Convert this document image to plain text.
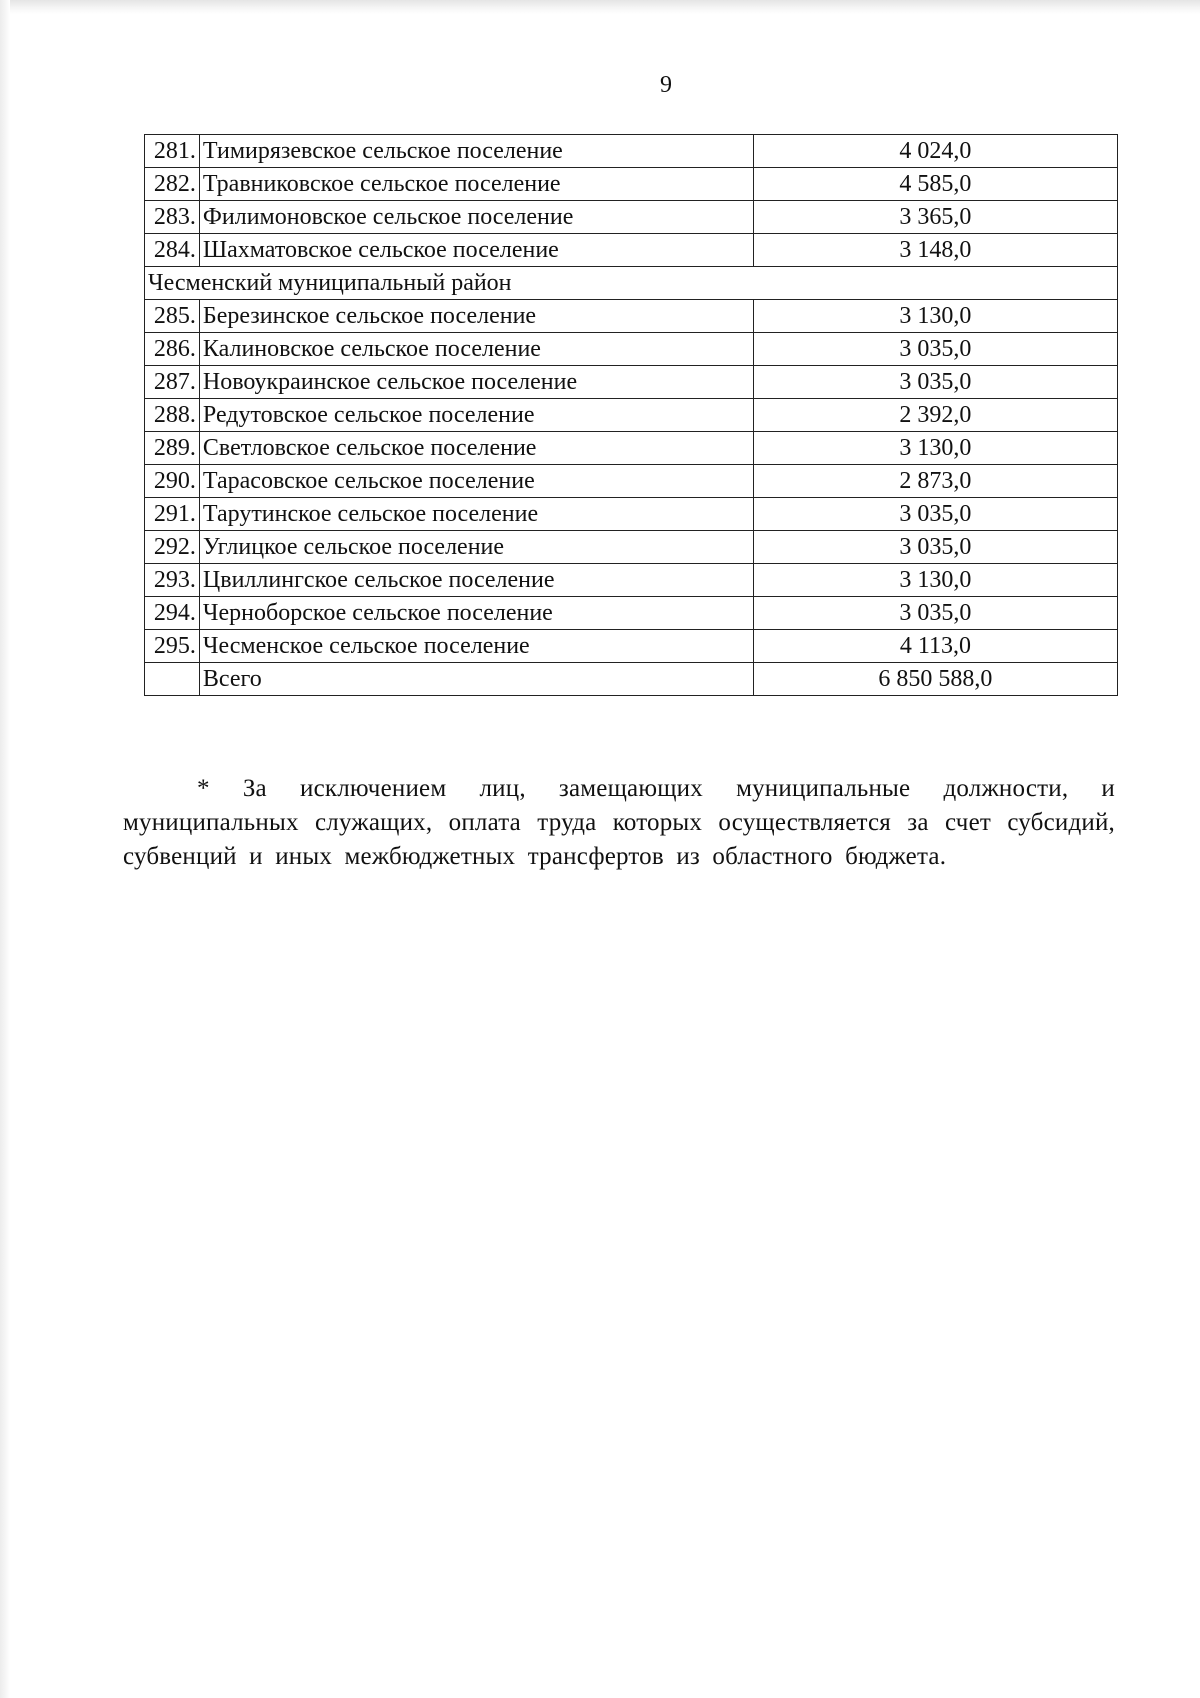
9
281.	Тимирязевское сельское поселение	4 024,0
282.	Травниковское сельское поселение	4 585,0
283.	Филимоновское сельское поселение	3 365,0
284.	Шахматовское сельское поселение	3 148,0
Чесменский муниципальный район		
285.	Березинское сельское поселение	3 130,0
286.	Калиновское сельское поселение	3 035,0
287.	Новоукраинское сельское поселение	3 035,0
288.	Редутовское сельское поселение	2 392,0
289.	Светловское сельское поселение	3 130,0
290.	Тарасовское сельское поселение	2 873,0
291.	Тарутинское сельское поселение	3 035,0
292.	Углицкое сельское поселение	3 035,0
293.	Цвиллингское сельское поселение	3 130,0
294.	Черноборское сельское поселение	3 035,0
295.	Чесменское сельское поселение	4 113,0
	Всего	6 850 588,0

* За исключением лиц, замещающих муниципальные должности, и муниципальных служащих, оплата труда которых осуществляется за счет субсидий, субвенций и иных межбюджетных трансфертов из областного бюджета.
